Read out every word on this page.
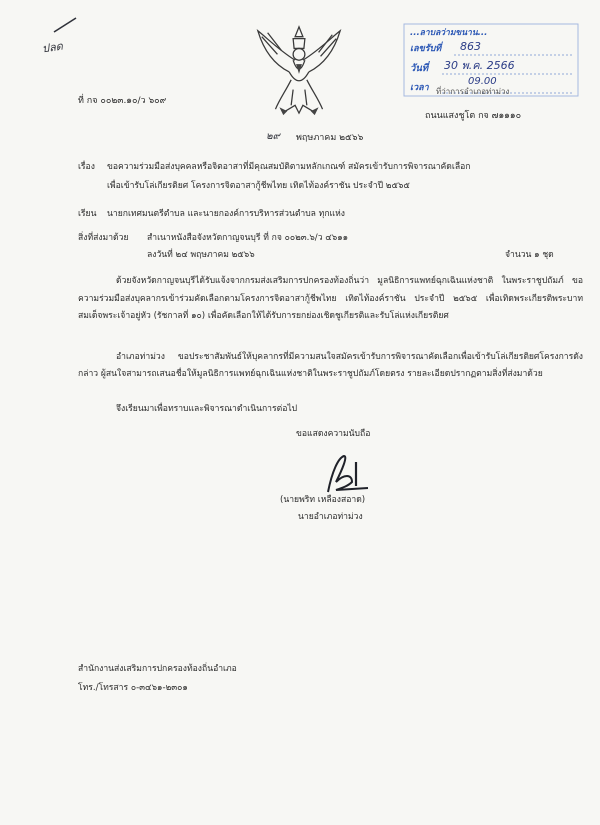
ปลด
ที่ กจ ๐๐๒๓.๑๐/ว ๖๐๙
...ลาบลว่ามขนาน...
เลขรับที่ 863
วันที่ 30 พ.ค. 2566
เวลา
09.00
ที่ว่าการอำเภอท่าม่วง
ถนนแสงชูโต กจ ๗๑๑๑๐
๒๙ พฤษภาคม ๒๕๖๖
เรื่อง ขอความร่วมมือส่งบุคคลหรือจิตอาสาที่มีคุณสมบัติตามหลักเกณฑ์ สมัครเข้ารับการพิจารณาคัดเลือก
เพื่อเข้ารับโล่เกียรติยศ โครงการจิตอาสากู้ชีพไทย เทิดไท้องค์ราชัน ประจำปี ๒๕๖๕
เรียน นายกเทศมนตรีตำบล และนายกองค์การบริหารส่วนตำบล ทุกแห่ง
สิ่งที่ส่งมาด้วย สำเนาหนังสือจังหวัดกาญจนบุรี ที่ กจ ๐๐๒๓.๖/ว ๔๖๑๑
ลงวันที่ ๒๔ พฤษภาคม ๒๕๖๖	จำนวน ๑ ชุด
ด้วยจังหวัดกาญจนบุรีได้รับแจ้งจากกรมส่งเสริมการปกครองท้องถิ่นว่า มูลนิธิการแพทย์ฉุกเฉินแห่งชาติ ในพระราชูปถัมภ์ ขอความร่วมมือส่งบุคลากรเข้าร่วมคัดเลือกตามโครงการจิตอาสากู้ชีพไทย เทิดไท้องค์ราชัน ประจำปี ๒๕๖๕ เพื่อเทิดพระเกียรติพระบาทสมเด็จพระเจ้าอยู่หัว (รัชกาลที่ ๑๐) เพื่อคัดเลือกให้ได้รับการยกย่องเชิดชูเกียรติและรับโล่แห่งเกียรติยศ
อำเภอท่าม่วง ขอประชาสัมพันธ์ให้บุคลากรที่มีความสนใจสมัครเข้ารับการพิจารณาคัดเลือกเพื่อเข้ารับโล่เกียรติยศโครงการดังกล่าว ผู้สนใจสามารถเสนอชื่อให้มูลนิธิการแพทย์ฉุกเฉินแห่งชาติในพระราชูปถัมภ์โดยตรง รายละเอียดปรากฏตามสิ่งที่ส่งมาด้วย
จึงเรียนมาเพื่อทราบและพิจารณาดำเนินการต่อไป
ขอแสดงความนับถือ
(นายพริท เหลืองสอาด)
นายอำเภอท่าม่วง
สำนักงานส่งเสริมการปกครองท้องถิ่นอำเภอ
โทร./โทรสาร ๐-๓๔๖๑-๒๓๐๑
